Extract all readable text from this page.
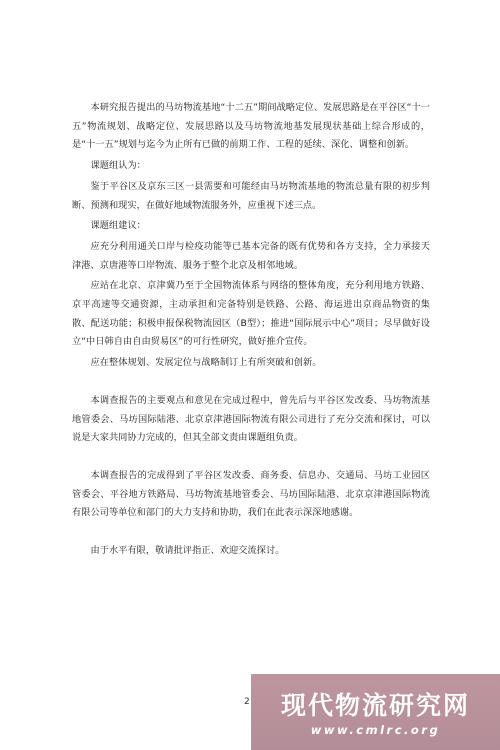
本研究报告提出的马坊物流基地“十二五”期间战略定位、发展思路是在平谷区“十一五”物流规划、战略定位、发展思路以及马坊物流地基发展现状基础上综合形成的，是“十一五”规划与迄今为止所有已做的前期工作、工程的延续、深化、调整和创新。

课题组认为：

鉴于平谷区及京东三区一县需要和可能经由马坊物流基地的物流总量有限的初步判断、预测和现实，在做好地域物流服务外，应重视下述三点。

课题组建议：

应充分利用通关口岸与检疫功能等已基本完备的既有优势和各方支持，全力承接天津港、京唐港等口岸物流、服务于整个北京及相邻地域。

应站在北京、京津冀乃至于全国物流体系与网络的整体角度，充分利用地方铁路、京平高速等交通资源，主动承担和完备特别是铁路、公路、海运进出京商品物资的集散、配送功能；积极申报保税物流园区（B型）；推进“国际展示中心”项目；尽早做好设立“中日韩自由自由贸易区”的可行性研究，做好推介宣传。

应在整体规划、发展定位与战略制订上有所突破和创新。

本调查报告的主要观点和意见在完成过程中，曾先后与平谷区发改委、马坊物流基地管委会、马坊国际陆港、北京京津港国际物流有限公司进行了充分交流和探讨，可以说是大家共同协力完成的，但其全部文责由课题组负责。

本调查报告的完成得到了平谷区发改委、商务委、信息办、交通局、马坊工业园区管委会、平谷地方铁路局、马坊物流基地管委会、马坊国际陆港、北京京津港国际物流有限公司等单位和部门的大力支持和协助，我们在此表示深深地感谢。

由于水平有限，敬请批评指正、欢迎交流探讨。

2	现代物流研究网
www.cmlrc.org
